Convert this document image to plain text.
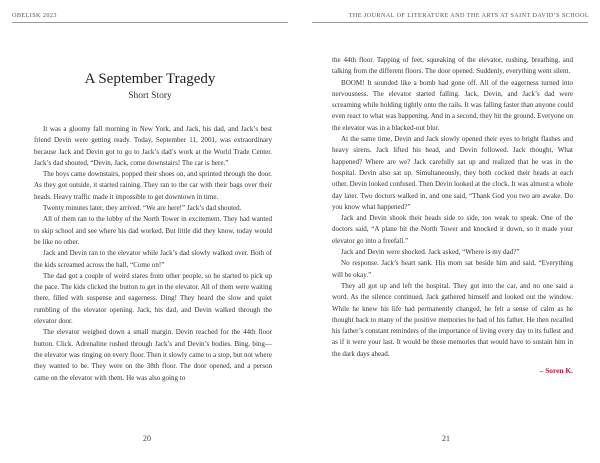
OBELISK 2023
A September Tragedy
Short Story

It was a gloomy fall morning in New York, and Jack, his dad, and Jack’s best friend Devin were getting ready. Today, September 11, 2001, was extraordinary because Jack and Devin got to go to Jack’s dad’s work at the World Trade Center. Jack’s dad shouted, “Devin, Jack, come downstairs! The car is here.”

The boys came downstairs, popped their shoes on, and sprinted through the door. As they got outside, it started raining. They ran to the car with their bags over their heads. Heavy traffic made it impossible to get downtown in time.

Twenty minutes later, they arrived. “We are here!” Jack’s dad shouted.

All of them ran to the lobby of the North Tower in excitement. They had wanted to skip school and see where his dad worked. But little did they know, today would be like no other.

Jack and Devin ran to the elevator while Jack’s dad slowly walked over. Both of the kids screamed across the hall, “Come on!”

The dad got a couple of weird stares from other people, so he started to pick up the pace. The kids clicked the button to get in the elevator. All of them were waiting there, filled with suspense and eagerness. Ding! They heard the slow and quiet rumbling of the elevator opening. Jack, his dad, and Devin walked through the elevator door.

The elevator weighed down a small margin. Devin reached for the 44th floor button. Click. Adrenaline rushed through Jack’s and Devin’s bodies. Bing, bing—the elevator was ringing on every floor. Then it slowly came to a stop, but not where they wanted to be. They were on the 38th floor. The door opened, and a person came on the elevator with them. He was also going to

20
THE JOURNAL OF LITERATURE AND THE ARTS AT SAINT DAVID’S SCHOOL

the 44th floor. Tapping of feet, squeaking of the elevator, rushing, breathing, and talking from the different floors. The door opened. Suddenly, everything went silent.

BOOM! It sounded like a bomb had gone off. All of the eagerness turned into nervousness. The elevator started falling. Jack, Devin, and Jack’s dad were screaming while holding tightly onto the rails. It was falling faster than anyone could even react to what was happening. And in a second, they hit the ground. Everyone on the elevator was in a blacked-out blur.

At the same time, Devin and Jack slowly opened their eyes to bright flashes and heavy sirens. Jack lifted his head, and Devin followed. Jack thought, What happened? Where are we? Jack carefully sat up and realized that he was in the hospital. Devin also sat up. Simultaneously, they both cocked their heads at each other. Devin looked confused. Then Devin looked at the clock. It was almost a whole day later. Two doctors walked in, and one said, “Thank God you two are awake. Do you know what happened?”

Jack and Devin shook their heads side to side, too weak to speak. One of the doctors said, “A plane hit the North Tower and knocked it down, so it made your elevator go into a freefall.”

Jack and Devin were shocked. Jack asked, “Where is my dad?”

No response. Jack’s heart sank. His mom sat beside him and said, “Everything will be okay.”

They all got up and left the hospital. They got into the car, and no one said a word. As the silence continued, Jack gathered himself and looked out the window. While he knew his life had permanently changed, he felt a sense of calm as he thought back to many of the positive memories he had of his father. He then recalled his father’s constant reminders of the importance of living every day to its fullest and as if it were your last. It would be these memories that would have to sustain him in the dark days ahead.

– Soren K.
21
